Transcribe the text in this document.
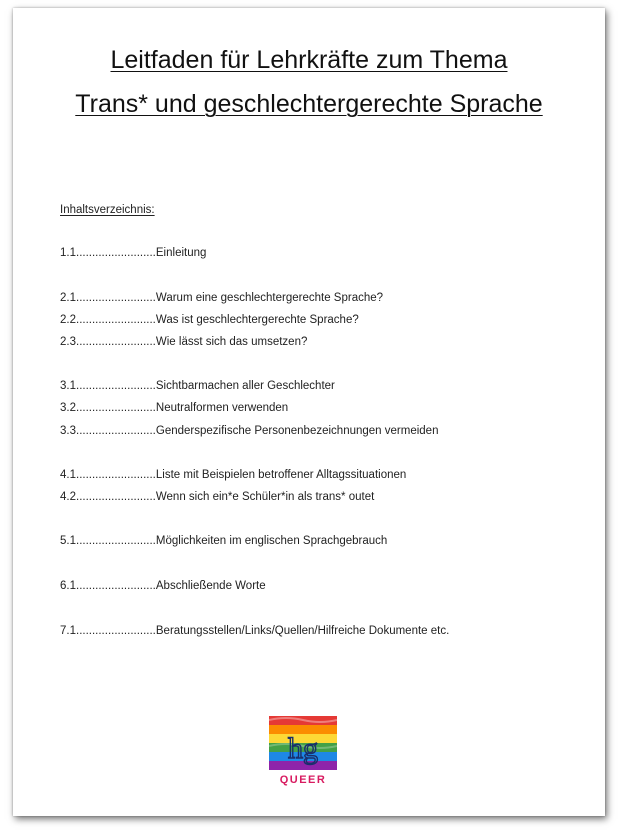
Leitfaden für Lehrkräfte zum Thema
Trans* und geschlechtergerechte Sprache
Inhaltsverzeichnis:
1.1.........................Einleitung
2.1.........................Warum eine geschlechtergerechte Sprache?
2.2.........................Was ist geschlechtergerechte Sprache?
2.3.........................Wie lässt sich das umsetzen?
3.1.........................Sichtbarmachen aller Geschlechter
3.2.........................Neutralformen verwenden
3.3.........................Genderspezifische Personenbezeichnungen vermeiden
4.1.........................Liste mit Beispielen betroffener Alltagssituationen
4.2.........................Wenn sich ein*e Schüler*in als trans* outet
5.1.........................Möglichkeiten im englischen Sprachgebrauch
6.1.........................Abschließende Worte
7.1.........................Beratungsstellen/Links/Quellen/Hilfreiche Dokumente etc.
hg
QUEER
